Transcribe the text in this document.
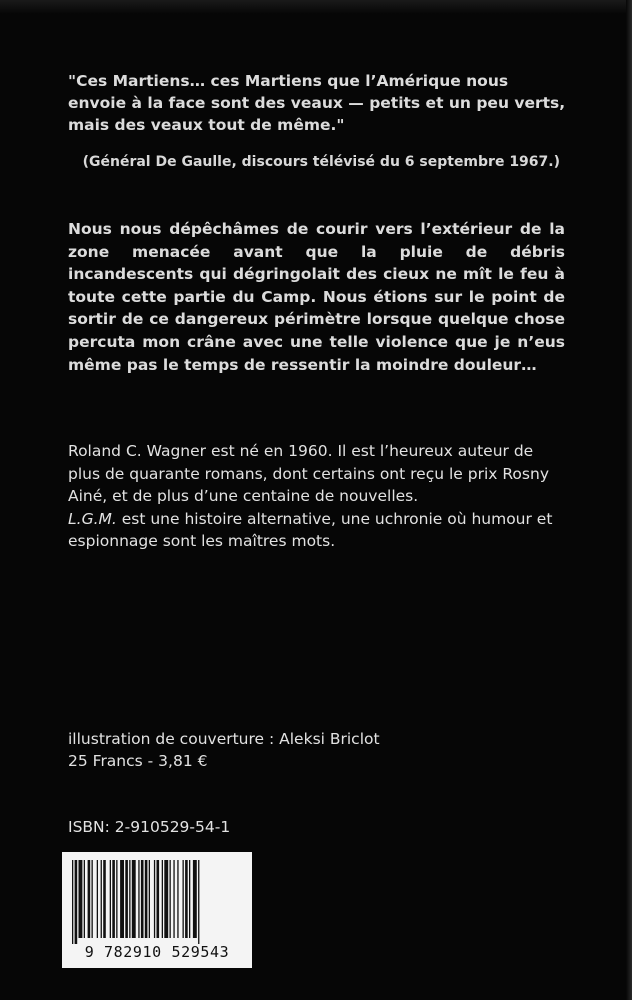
"Ces Martiens… ces Martiens que l’Amérique nous envoie à la face sont des veaux — petits et un peu verts, mais des veaux tout de même."

(Général De Gaulle, discours télévisé du 6 septembre 1967.)

Nous nous dépêchâmes de courir vers l’extérieur de la zone menacée avant que la pluie de débris incandescents qui dégringolait des cieux ne mît le feu à toute cette partie du Camp. Nous étions sur le point de sortir de ce dangereux périmètre lorsque quelque chose percuta mon crâne avec une telle violence que je n’eus même pas le temps de ressentir la moindre douleur…

Roland C. Wagner est né en 1960. Il est l’heureux auteur de plus de quarante romans, dont certains ont reçu le prix Rosny Ainé, et de plus d’une centaine de nouvelles.

L.G.M. est une histoire alternative, une uchronie où humour et espionnage sont les maîtres mots.

illustration de couverture : Aleksi Briclot
25 Francs - 3,81 €
ISBN: 2-910529-54-1
9 782910 529543
